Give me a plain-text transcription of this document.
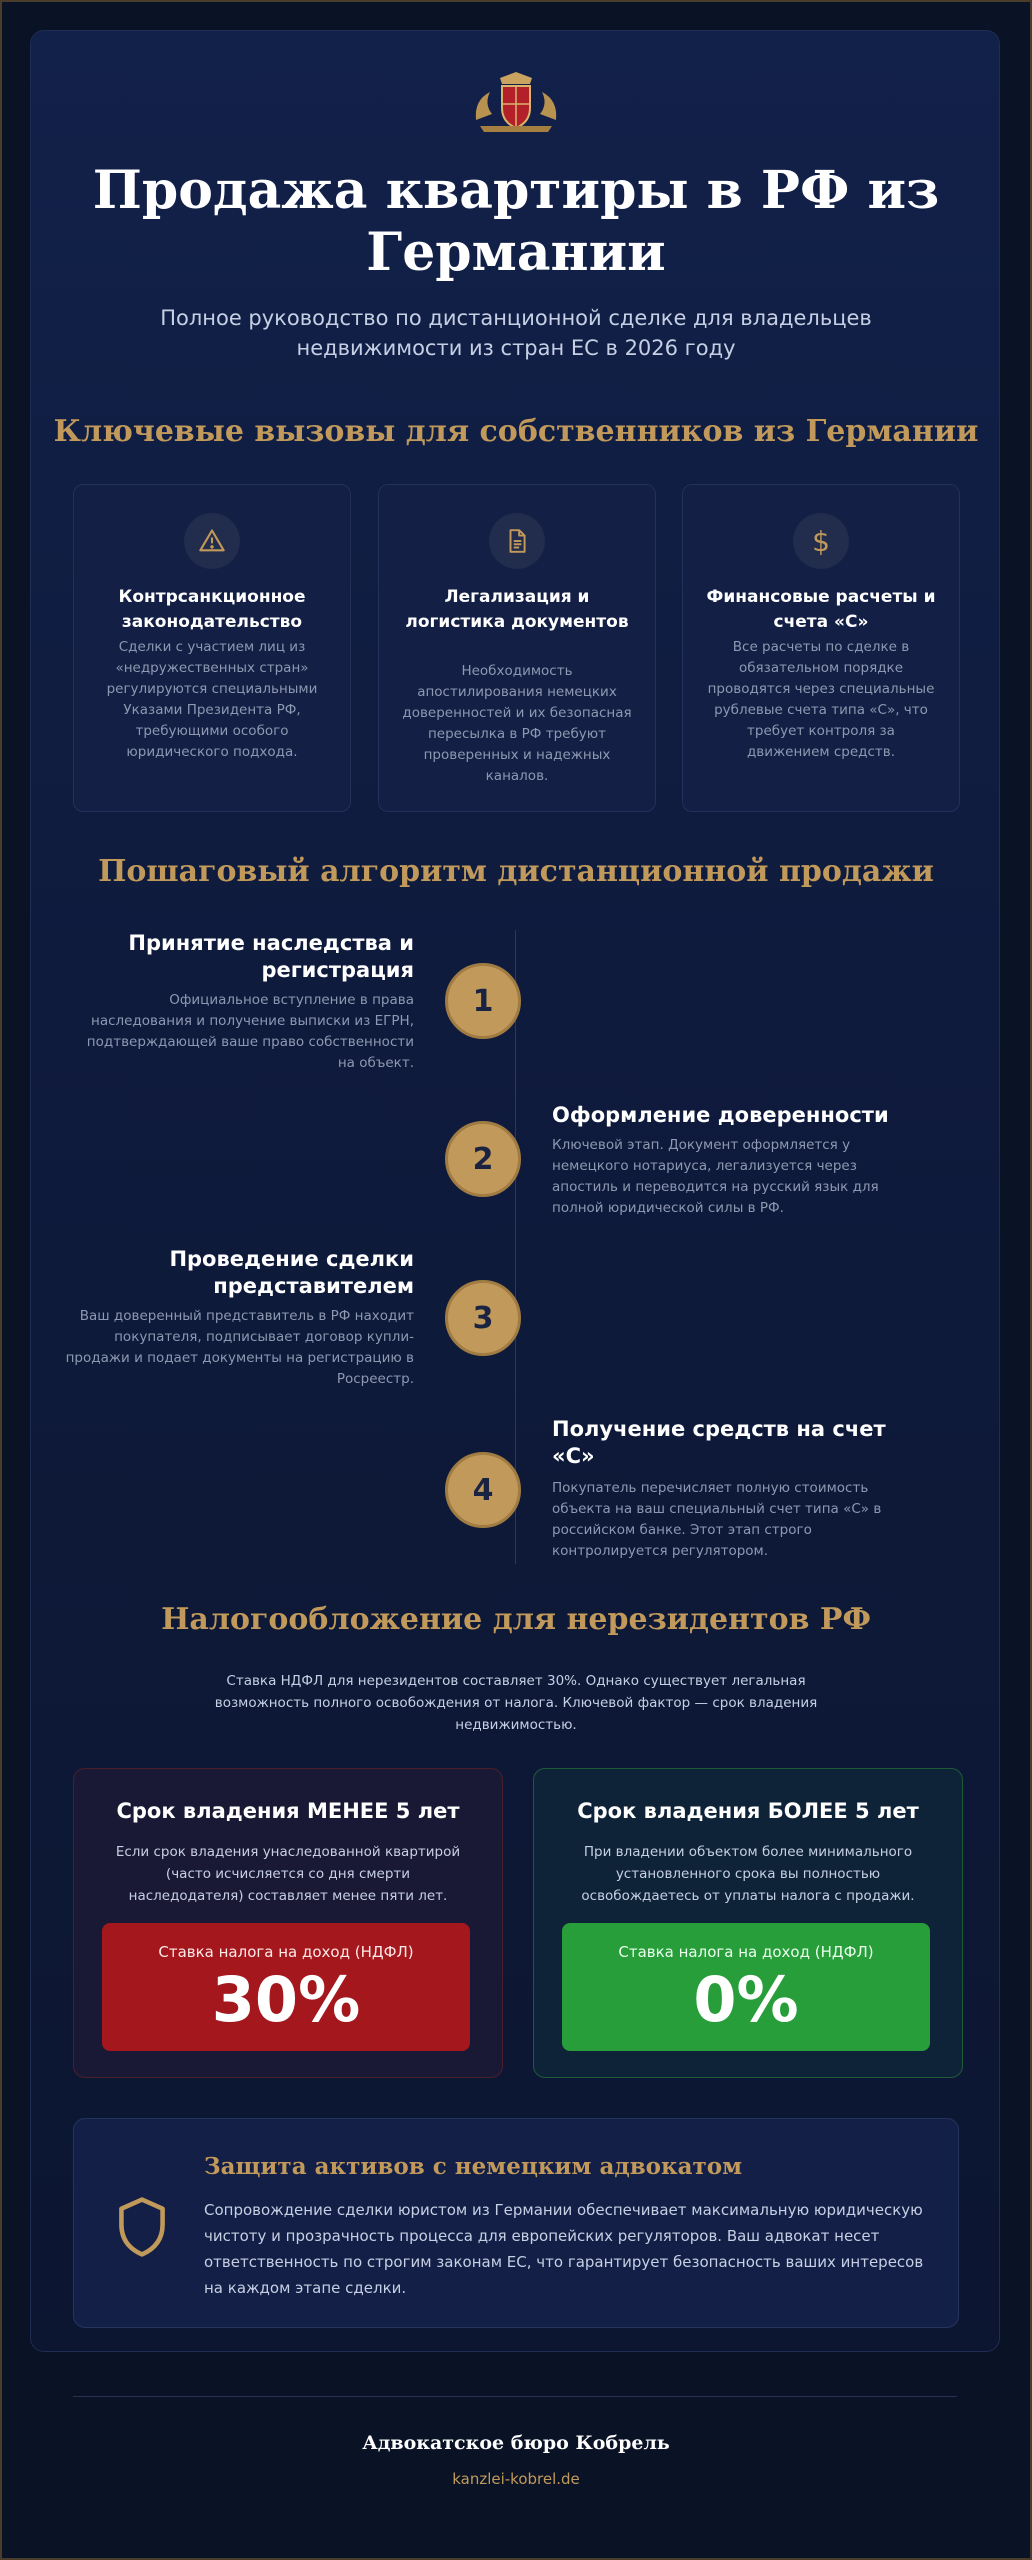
Продажа квартиры в РФ из Германии
Полное руководство по дистанционной сделке для владельцев недвижимости из стран ЕС в 2026 году
Ключевые вызовы для собственников из Германии
Контрсанкционное законодательство
Сделки с участием лиц из «недружественных стран» регулируются специальными Указами Президента РФ, требующими особого юридического подхода.
Легализация и логистика документов
Необходимость апостилирования немецких доверенностей и их безопасная пересылка в РФ требуют проверенных и надежных каналов.
$
Финансовые расчеты и счета «С»
Все расчеты по сделке в обязательном порядке проводятся через специальные рублевые счета типа «С», что требует контроля за движением средств.
Пошаговый алгоритм дистанционной продажи
Принятие наследства и регистрация
Официальное вступление в права наследования и получение выписки из ЕГРН, подтверждающей ваше право собственности на объект.
1
2
Оформление доверенности
Ключевой этап. Документ оформляется у немецкого нотариуса, легализуется через апостиль и переводится на русский язык для полной юридической силы в РФ.
Проведение сделки представителем
Ваш доверенный представитель в РФ находит покупателя, подписывает договор купли-продажи и подает документы на регистрацию в Росреестр.
3
4
Получение средств на счет «С»
Покупатель перечисляет полную стоимость объекта на ваш специальный счет типа «С» в российском банке. Этот этап строго контролируется регулятором.
Налогообложение для нерезидентов РФ
Ставка НДФЛ для нерезидентов составляет 30%. Однако существует легальная возможность полного освобождения от налога. Ключевой фактор — срок владения недвижимостью.
Срок владения МЕНЕЕ 5 лет
Если срок владения унаследованной квартирой (часто исчисляется со дня смерти наследодателя) составляет менее пяти лет.
Ставка налога на доход (НДФЛ)
30%
Срок владения БОЛЕЕ 5 лет
При владении объектом более минимального установленного срока вы полностью освобождаетесь от уплаты налога с продажи.
Ставка налога на доход (НДФЛ)
0%
Защита активов с немецким адвокатом
Сопровождение сделки юристом из Германии обеспечивает максимальную юридическую чистоту и прозрачность процесса для европейских регуляторов. Ваш адвокат несет ответственность по строгим законам ЕС, что гарантирует безопасность ваших интересов на каждом этапе сделки.
Адвокатское бюро Кобрель
kanzlei-kobrel.de
